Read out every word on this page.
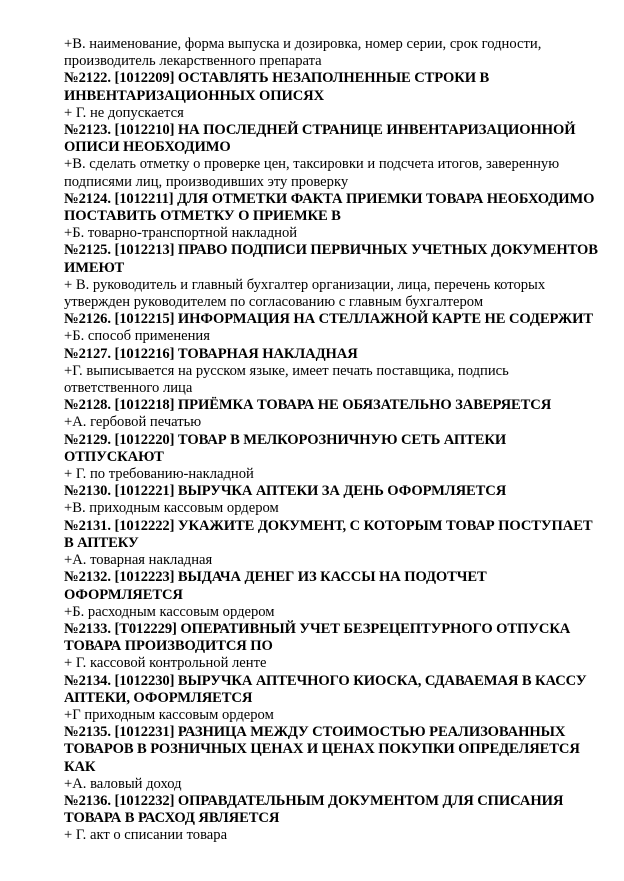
+В. наименование, форма выпуска и дозировка, номер серии, срок годности,
производитель лекарственного препарата
№2122. [1012209] ОСТАВЛЯТЬ НЕЗАПОЛНЕННЫЕ СТРОКИ В
ИНВЕНТАРИЗАЦИОННЫХ ОПИСЯХ
+ Г. не допускается
№2123. [1012210] НА ПОСЛЕДНЕЙ СТРАНИЦЕ ИНВЕНТАРИЗАЦИОННОЙ
ОПИСИ НЕОБХОДИМО
+В. сделать отметку о проверке цен, таксировки и подсчета итогов, заверенную
подписями лиц, производивших эту проверку
№2124. [1012211] ДЛЯ ОТМЕТКИ ФАКТА ПРИЕМКИ ТОВАРА НЕОБХОДИМО
ПОСТАВИТЬ ОТМЕТКУ О ПРИЕМКЕ В
+Б. товарно-транспортной накладной
№2125. [1012213] ПРАВО ПОДПИСИ ПЕРВИЧНЫХ УЧЕТНЫХ ДОКУМЕНТОВ
ИМЕЮТ
+ В. руководитель и главный бухгалтер организации, лица, перечень которых
утвержден руководителем по согласованию с главным бухгалтером
№2126. [1012215] ИНФОРМАЦИЯ НА СТЕЛЛАЖНОЙ КАРТЕ НЕ СОДЕРЖИТ
+Б. способ применения
№2127. [1012216] ТОВАРНАЯ НАКЛАДНАЯ
+Г. выписывается на русском языке, имеет печать поставщика, подпись
ответственного лица
№2128. [1012218] ПРИЁМКА ТОВАРА НЕ ОБЯЗАТЕЛЬНО ЗАВЕРЯЕТСЯ
+А. гербовой печатью
№2129. [1012220] ТОВАР В МЕЛКОРОЗНИЧНУЮ СЕТЬ АПТЕКИ
ОТПУСКАЮТ
+ Г. по требованию-накладной
№2130. [1012221] ВЫРУЧКА АПТЕКИ ЗА ДЕНЬ ОФОРМЛЯЕТСЯ
+В. приходным кассовым ордером
№2131. [1012222] УКАЖИТЕ ДОКУМЕНТ, С КОТОРЫМ ТОВАР ПОСТУПАЕТ
В АПТЕКУ
+А. товарная накладная
№2132. [1012223] ВЫДАЧА ДЕНЕГ ИЗ КАССЫ НА ПОДОТЧЕТ
ОФОРМЛЯЕТСЯ
+Б. расходным кассовым ордером
№2133. [Т012229] ОПЕРАТИВНЫЙ УЧЕТ БЕЗРЕЦЕПТУРНОГО ОТПУСКА
ТОВАРА ПРОИЗВОДИТСЯ ПО
+ Г. кассовой контрольной ленте
№2134. [1012230] ВЫРУЧКА АПТЕЧНОГО КИОСКА, СДАВАЕМАЯ В КАССУ
АПТЕКИ, ОФОРМЛЯЕТСЯ
+Г приходным кассовым ордером
№2135. [1012231] РАЗНИЦА МЕЖДУ СТОИМОСТЬЮ РЕАЛИЗОВАННЫХ
ТОВАРОВ В РОЗНИЧНЫХ ЦЕНАХ И ЦЕНАХ ПОКУПКИ ОПРЕДЕЛЯЕТСЯ
КАК
+А. валовый доход
№2136. [1012232] ОПРАВДАТЕЛЬНЫМ ДОКУМЕНТОМ ДЛЯ СПИСАНИЯ
ТОВАРА В РАСХОД ЯВЛЯЕТСЯ
+ Г. акт о списании товара
